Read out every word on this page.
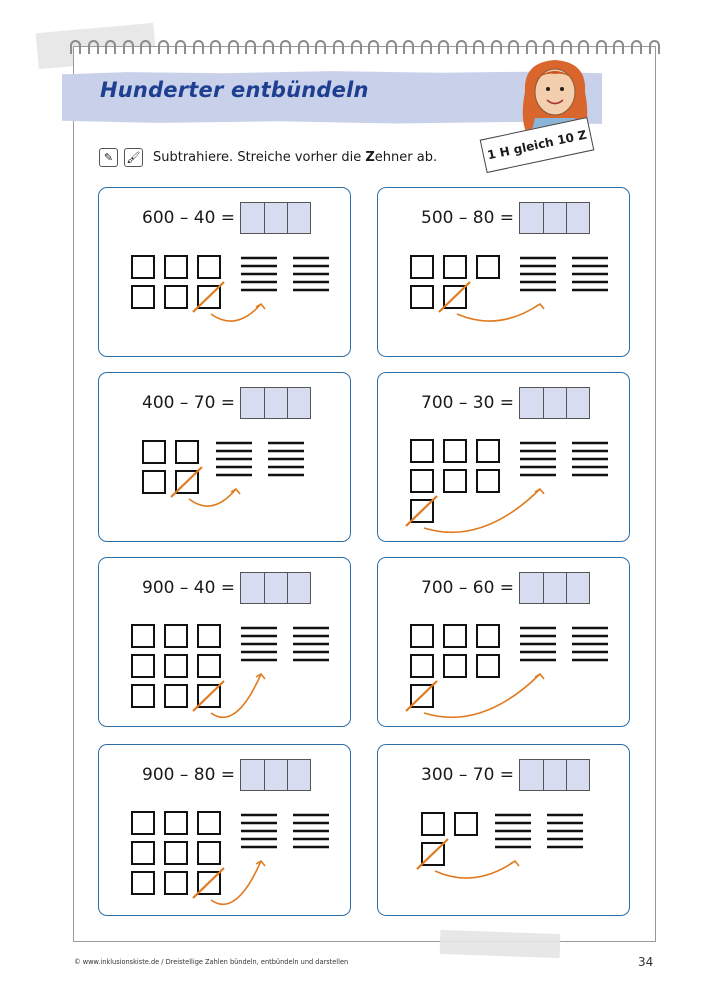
Hunderter entbündeln
1 H gleich 10 Z
✎	🖌 Subtrahiere. Streiche vorher die Zehner ab.
600 – 40 =	500 – 80 =
400 – 70 =	700 – 30 =
900 – 40 =	700 – 60 =
900 – 80 =	300 – 70 =
© www.inklusionskiste.de / Dreistellige Zahlen bündeln, entbündeln und darstellen	34
